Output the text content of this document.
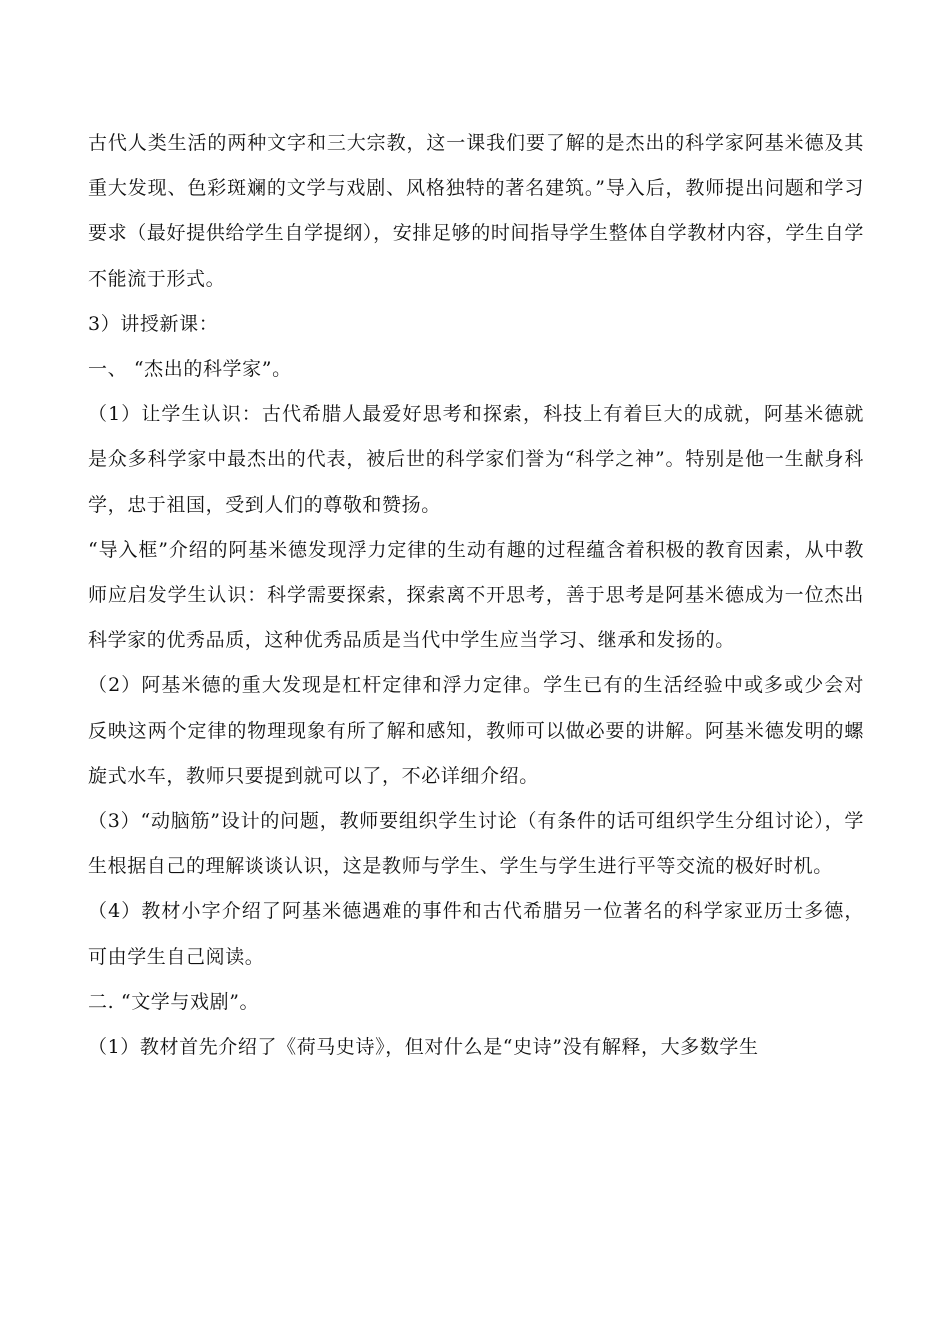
古代人类生活的两种文字和三大宗教，这一课我们要了解的是杰出的科学家阿基米德及其重大发现、色彩斑斓的文学与戏剧、风格独特的著名建筑。”导入后，教师提出问题和学习要求（最好提供给学生自学提纲），安排足够的时间指导学生整体自学教材内容，学生自学不能流于形式。

3）讲授新课：

一、 “杰出的科学家”。

（1）让学生认识：古代希腊人最爱好思考和探索，科技上有着巨大的成就，阿基米德就是众多科学家中最杰出的代表，被后世的科学家们誉为“科学之神”。特别是他一生献身科学，忠于祖国，受到人们的尊敬和赞扬。

“导入框”介绍的阿基米德发现浮力定律的生动有趣的过程蕴含着积极的教育因素，从中教师应启发学生认识：科学需要探索，探索离不开思考，善于思考是阿基米德成为一位杰出科学家的优秀品质，这种优秀品质是当代中学生应当学习、继承和发扬的。

（2）阿基米德的重大发现是杠杆定律和浮力定律。学生已有的生活经验中或多或少会对反映这两个定律的物理现象有所了解和感知，教师可以做必要的讲解。阿基米德发明的螺旋式水车，教师只要提到就可以了，不必详细介绍。

（3）“动脑筋”设计的问题，教师要组织学生讨论（有条件的话可组织学生分组讨论），学生根据自己的理解谈谈认识，这是教师与学生、学生与学生进行平等交流的极好时机。

（4）教材小字介绍了阿基米德遇难的事件和古代希腊另一位著名的科学家亚历士多德，可由学生自己阅读。

二. “文学与戏剧”。

（1）教材首先介绍了《荷马史诗》，但对什么是“史诗”没有解释，大多数学生
